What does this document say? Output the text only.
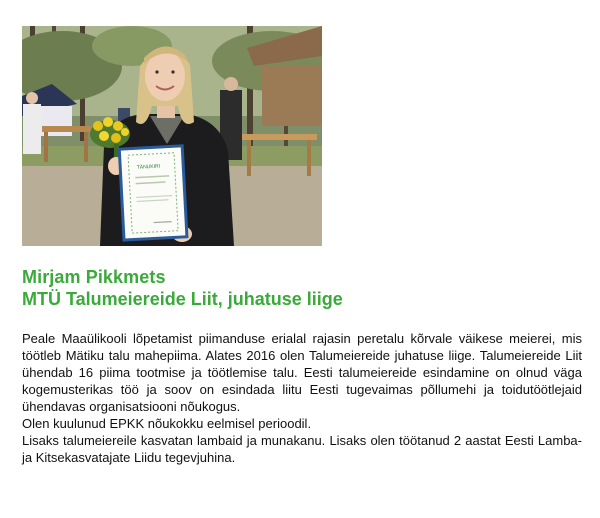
TÄNUKIRI
Mirjam Pikkmets
MTÜ Talumeiereide Liit, juhatuse liige

Peale Maaülikooli lõpetamist piimanduse erialal rajasin peretalu kõrvale väikese meierei, mis töötleb Mätiku talu mahepiima. Alates 2016 olen Talumeiereide juhatuse liige. Talumeiereide Liit ühendab 16 piima tootmise ja töötlemise talu. Eesti talumeiereide esindamine on olnud väga kogemusterikas töö ja soov on esindada liitu Eesti tugevaimas põllumehi ja toidutöötlejaid ühendavas organisatsiooni nõukogus.

Olen kuulunud EPKK nõukokku eelmisel perioodil.

Lisaks talumeiereile kasvatan lambaid ja munakanu. Lisaks olen töötanud 2 aastat Eesti Lamba-ja Kitsekasvatajate Liidu tegevjuhina.
